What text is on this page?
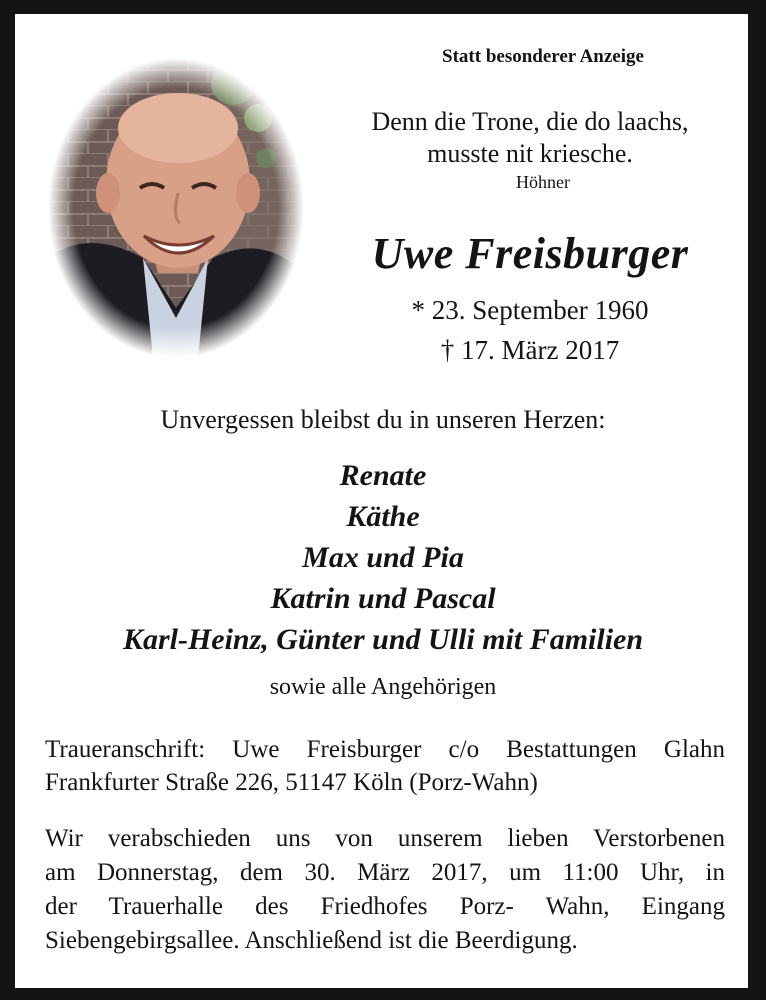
Statt besonderer Anzeige
Denn die Trone, die do laachs,
musste nit kriesche.
Höhner
Uwe Freisburger
* 23. September 1960
† 17. März 2017
Unvergessen bleibst du in unseren Herzen:
Renate
Käthe
Max und Pia
Katrin und Pascal
Karl-Heinz, Günter und Ulli mit Familien
sowie alle Angehörigen
Traueranschrift: Uwe Freisburger c/o Bestattungen Glahn
Frankfurter Straße 226, 51147 Köln (Porz-Wahn)
Wir verabschieden uns von unserem lieben Verstorbenen
am Donnerstag, dem 30. März 2017, um 11:00 Uhr, in
der Trauerhalle des Friedhofes Porz- Wahn, Eingang
Siebengebirgsallee. Anschließend ist die Beerdigung.
